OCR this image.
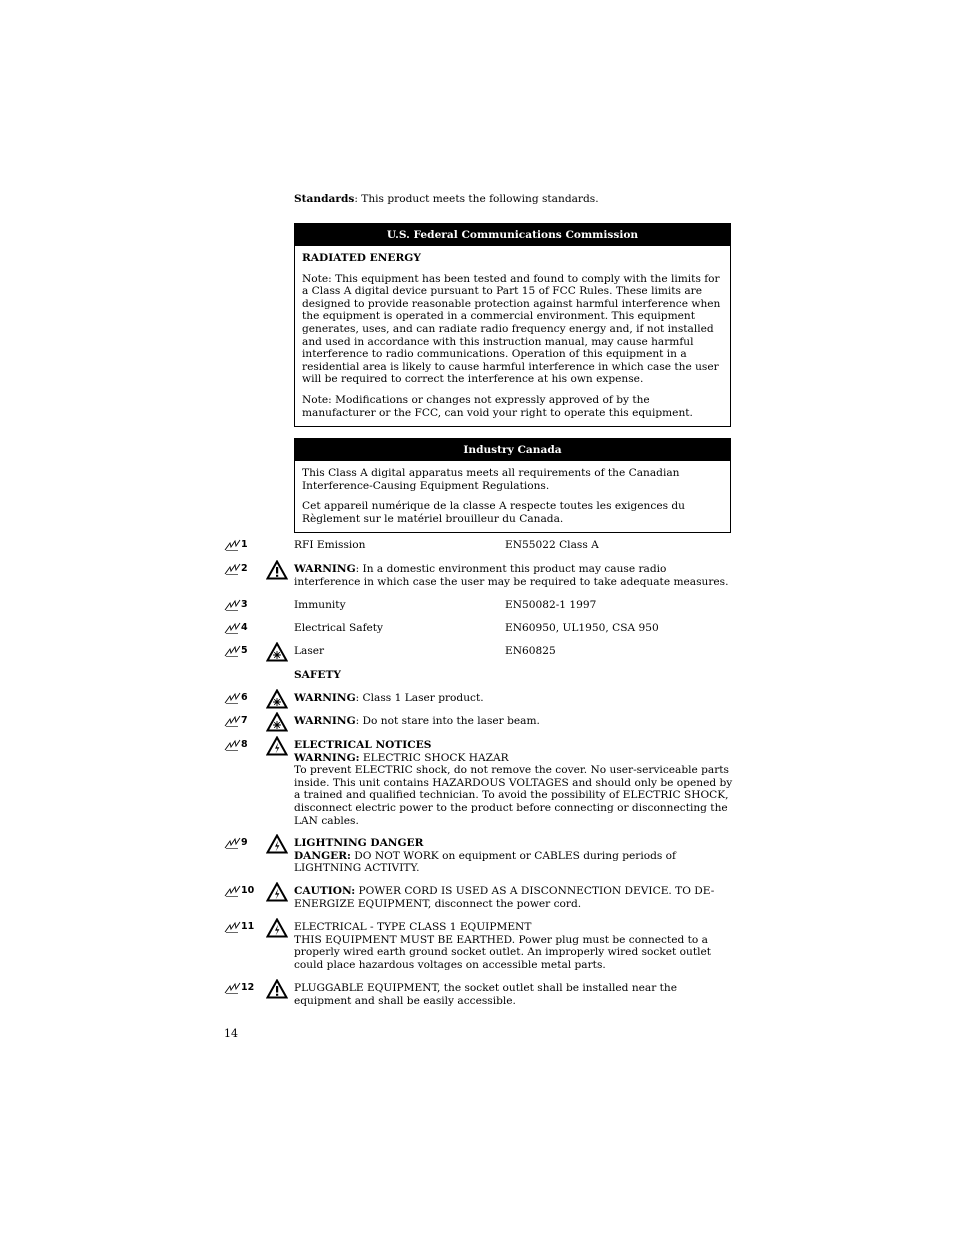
Standards: This product meets the following standards.
U.S. Federal Communications Commission

RADIATED ENERGY

Note: This equipment has been tested and found to comply with the limits for a Class A digital device pursuant to Part 15 of FCC Rules. These limits are designed to provide reasonable protection against harmful interference when the equipment is operated in a commercial environment. This equipment generates, uses, and can radiate radio frequency energy and, if not installed and used in accordance with this instruction manual, may cause harmful interference to radio communications. Operation of this equipment in a residential area is likely to cause harmful interference in which case the user will be required to correct the interference at his own expense.

Note: Modifications or changes not expressly approved of by the manufacturer or the FCC, can void your right to operate this equipment.

Industry Canada

This Class A digital apparatus meets all requirements of the Canadian Interference-Causing Equipment Regulations.

Cet appareil numérique de la classe A respecte toutes les exigences du Règlement sur le matériel brouilleur du Canada.

1	RFI Emission	EN55022 Class A
2	WARNING: In a domestic environment this product may cause radio interference in which case the user may be required to take adequate measures.
3	Immunity	EN50082-1 1997
4	Electrical Safety	EN60950, UL1950, CSA 950
5	Laser	EN60825
SAFETY
6	WARNING: Class 1 Laser product.
7	WARNING: Do not stare into the laser beam.
8	ELECTRICAL NOTICES
WARNING: ELECTRIC SHOCK HAZAR
To prevent ELECTRIC shock, do not remove the cover. No user-serviceable parts inside. This unit contains HAZARDOUS VOLTAGES and should only be opened by a trained and qualified technician. To avoid the possibility of ELECTRIC SHOCK, disconnect electric power to the product before connecting or disconnecting the LAN cables.
9	LIGHTNING DANGER
DANGER: DO NOT WORK on equipment or CABLES during periods of LIGHTNING ACTIVITY.
10	CAUTION: POWER CORD IS USED AS A DISCONNECTION DEVICE. TO DE-ENERGIZE EQUIPMENT, disconnect the power cord.
11	ELECTRICAL - TYPE CLASS 1 EQUIPMENT
THIS EQUIPMENT MUST BE EARTHED. Power plug must be connected to a properly wired earth ground socket outlet. An improperly wired socket outlet could place hazardous voltages on accessible metal parts.
12	PLUGGABLE EQUIPMENT, the socket outlet shall be installed near the equipment and shall be easily accessible.
14
